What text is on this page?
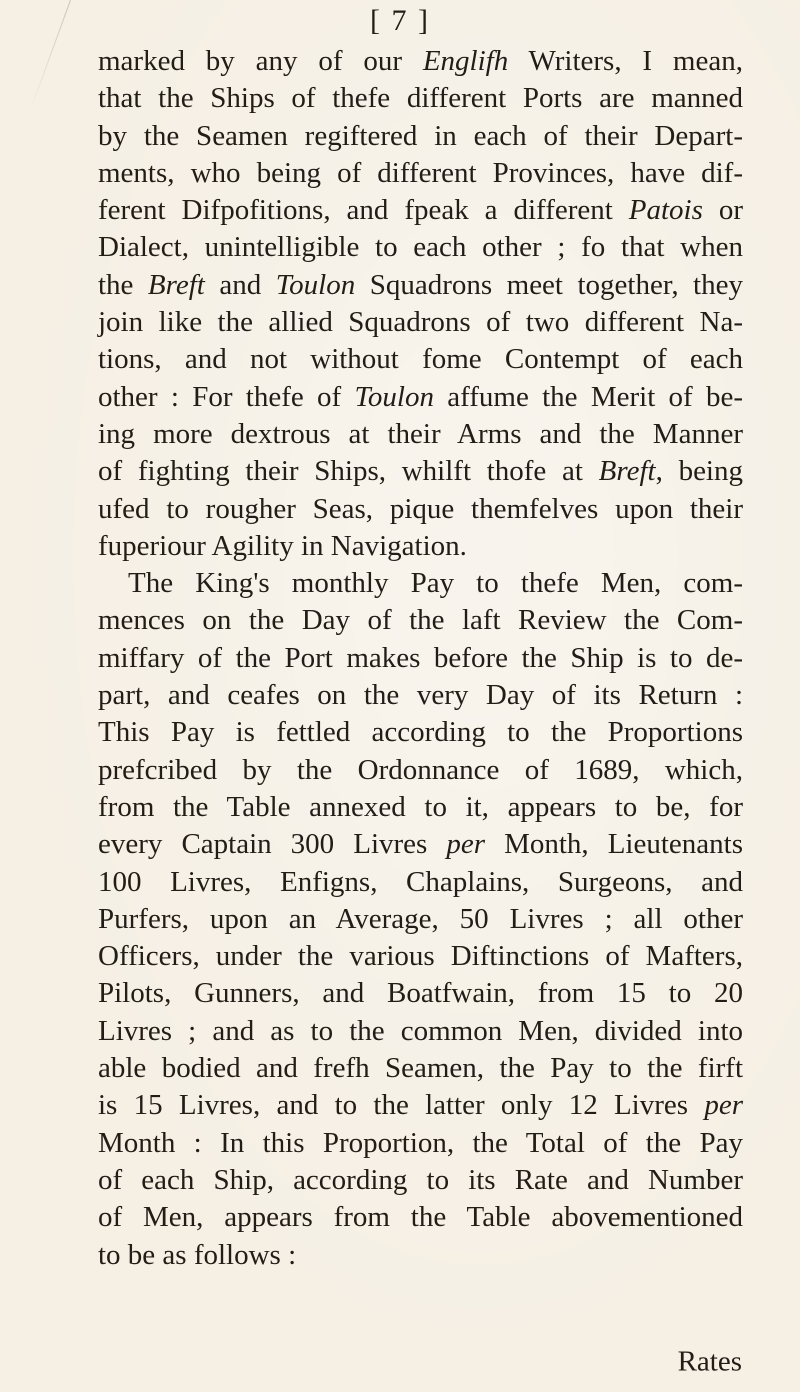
[ 7 ]
marked by any of our Englifh Writers, I mean,
that the Ships of thefe different Ports are manned
by the Seamen regiftered in each of their Depart-
ments, who being of different Provinces, have dif-
ferent Difpofitions, and fpeak a different Patois or
Dialect, unintelligible to each other ; fo that when
the Breft and Toulon Squadrons meet together, they
join like the allied Squadrons of two different Na-
tions, and not without fome Contempt of each
other : For thefe of Toulon affume the Merit of be-
ing more dextrous at their Arms and the Manner
of fighting their Ships, whilft thofe at Breft, being
ufed to rougher Seas, pique themfelves upon their
fuperiour Agility in Navigation.
The King's monthly Pay to thefe Men, com-
mences on the Day of the laft Review the Com-
miffary of the Port makes before the Ship is to de-
part, and ceafes on the very Day of its Return :
This Pay is fettled according to the Proportions
prefcribed by the Ordonnance of 1689, which,
from the Table annexed to it, appears to be, for
every Captain 300 Livres per Month, Lieutenants
100 Livres, Enfigns, Chaplains, Surgeons, and
Purfers, upon an Average, 50 Livres ; all other
Officers, under the various Diftinctions of Mafters,
Pilots, Gunners, and Boatfwain, from 15 to 20
Livres ; and as to the common Men, divided into
able bodied and frefh Seamen, the Pay to the firft
is 15 Livres, and to the latter only 12 Livres per
Month : In this Proportion, the Total of the Pay
of each Ship, according to its Rate and Number
of Men, appears from the Table abovementioned
to be as follows :
Rates
